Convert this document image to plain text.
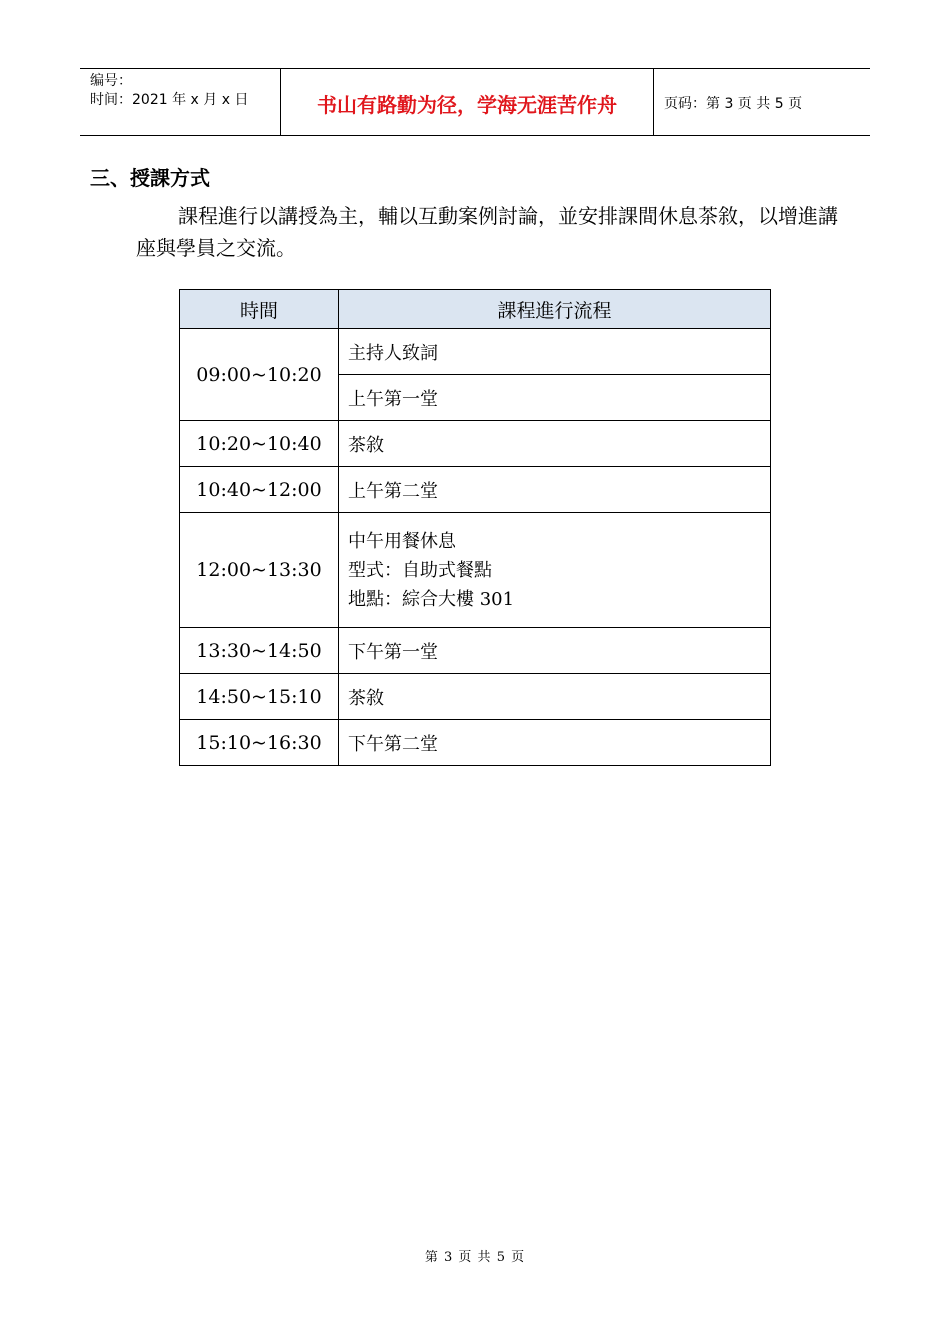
编号：
时间：2021 年 x 月 x 日	书山有路勤为径，学海无涯苦作舟	页码：第 3 页 共 5 页
三、授課方式
課程進行以講授為主，輔以互動案例討論，並安排課間休息茶敘，以增進講座與學員之交流。
時間	課程進行流程
09:00~10:20	主持人致詞
	上午第一堂
10:20~10:40	茶敘
10:40~12:00	上午第二堂
12:00~13:30	中午用餐休息
型式：自助式餐點
地點：綜合大樓 301

13:30~14:50	下午第一堂
14:50~15:10	茶敘
15:10~16:30	下午第二堂
第 3 页 共 5 页
